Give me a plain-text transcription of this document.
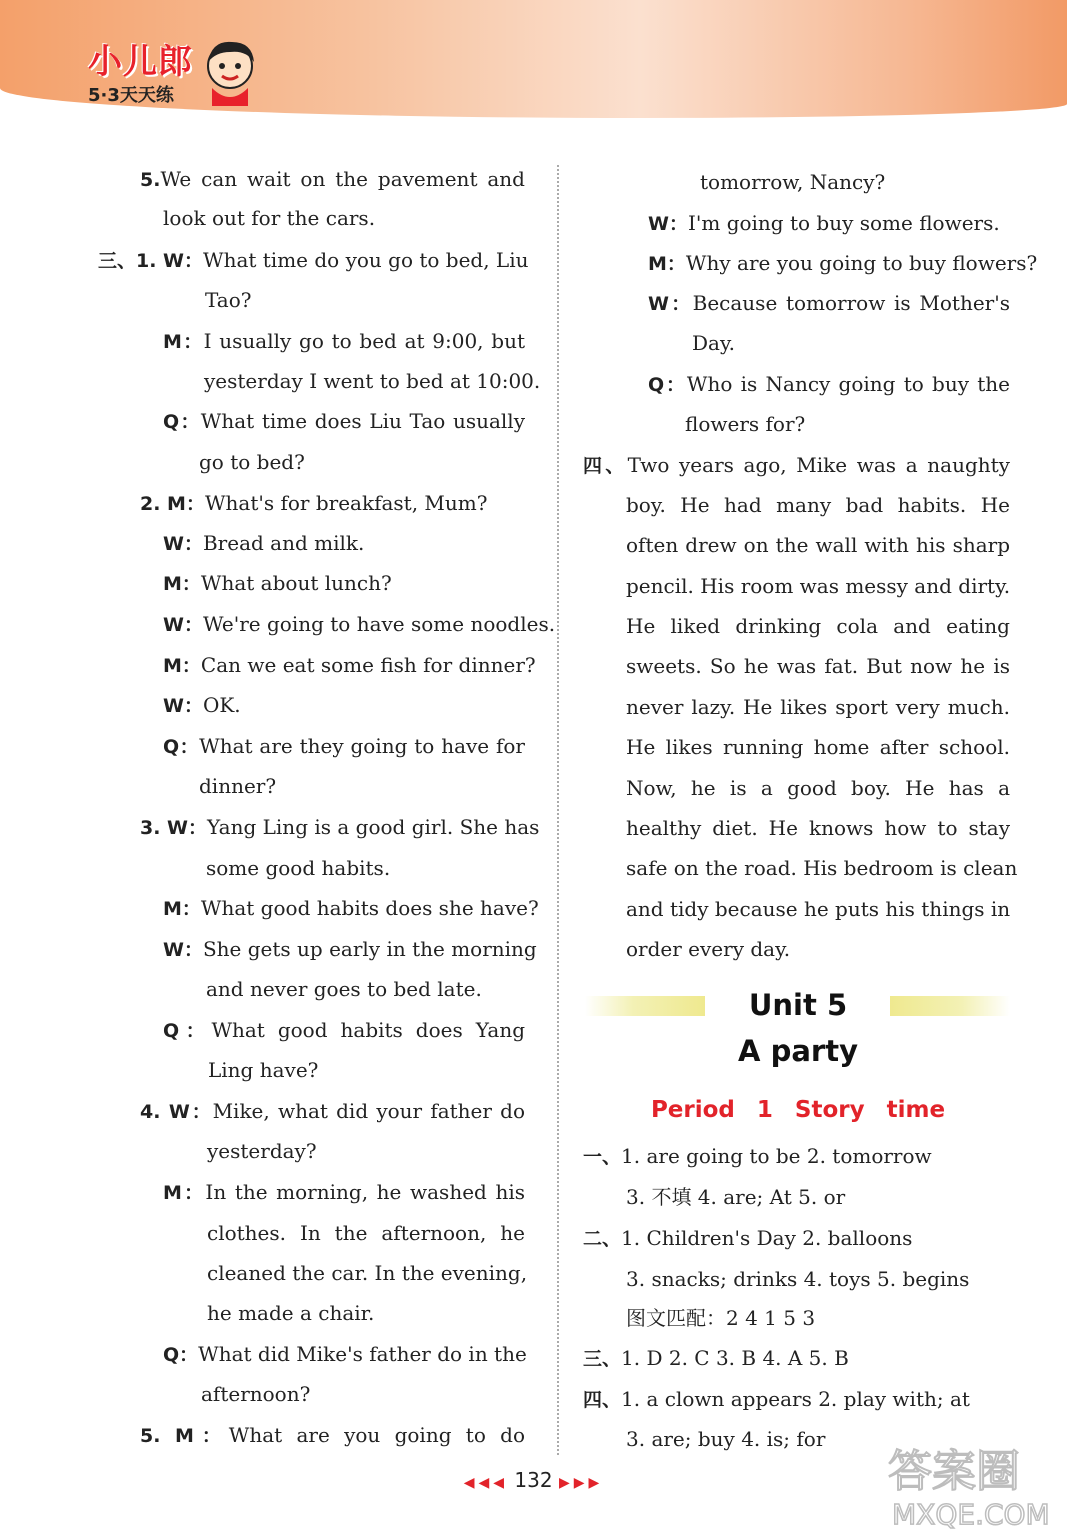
小儿郎
5·3天天练
5.We can wait on the pavement and
look out for the cars.
三、1. W：What time do you go to bed, Liu
Tao?
M：I usually go to bed at 9:00, but
yesterday I went to bed at 10:00.
Q：What time does Liu Tao usually
go to bed?
2. M：What's for breakfast, Mum?
W：Bread and milk.
M：What about lunch?
W：We're going to have some noodles.
M：Can we eat some fish for dinner?
W：OK.
Q：What are they going to have for
dinner?
3. W：Yang Ling is a good girl. She has
some good habits.
M：What good habits does she have?
W：She gets up early in the morning
and never goes to bed late.
Q：What good habits does Yang
Ling have?
4. W：Mike, what did your father do
yesterday?
M：In the morning, he washed his
clothes. In the afternoon, he
cleaned the car. In the evening,
he made a chair.
Q：What did Mike's father do in the
afternoon?
5. M：What are you going to do
tomorrow, Nancy?
W：I'm going to buy some flowers.
M：Why are you going to buy flowers?
W：Because tomorrow is Mother's
Day.
Q：Who is Nancy going to buy the
flowers for?
四、Two years ago, Mike was a naughty
boy. He had many bad habits. He
often drew on the wall with his sharp
pencil. His room was messy and dirty.
He liked drinking cola and eating
sweets. So he was fat. But now he is
never lazy. He likes sport very much.
He likes running home after school.
Now, he is a good boy. He has a
healthy diet. He knows how to stay
safe on the road. His bedroom is clean
and tidy because he puts his things in
order every day.
一、1. are going to be 2. tomorrow
3. 不填 4. are; At 5. or
二、1. Children's Day 2. balloons
3. snacks; drinks 4. toys 5. begins
图文匹配：2 4 1 5 3
三、1. D 2. C 3. B 4. A 5. B
四、1. a clown appears 2. play with; at
3. are; buy 4. is; for
Unit 5
A party
Period 1 Story time
◀◀◀ 132 ▶▶▶	答案圈
MXQE.COM
